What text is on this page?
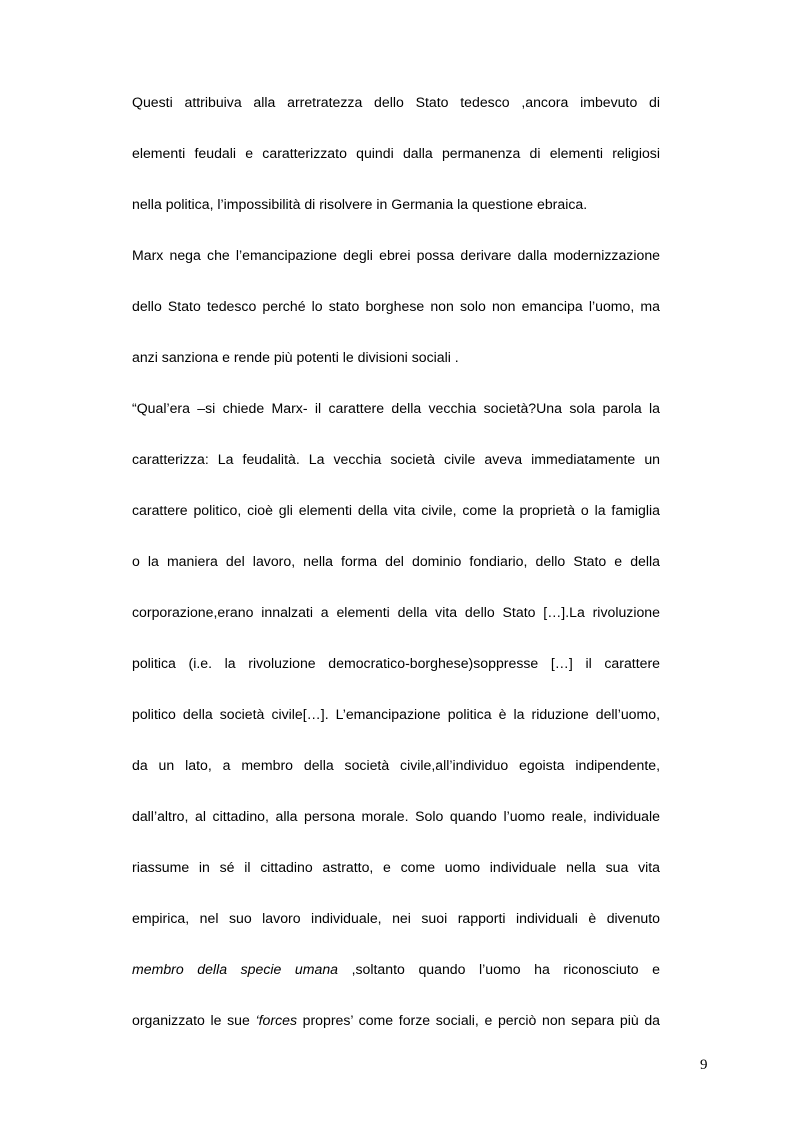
Questi attribuiva alla arretratezza dello Stato tedesco ,ancora imbevuto di
elementi feudali e caratterizzato quindi dalla permanenza di elementi religiosi
nella politica, l’impossibilità di risolvere in Germania la questione ebraica.
Marx nega che l’emancipazione degli ebrei possa derivare dalla modernizzazione
dello Stato tedesco perché lo stato borghese non solo non emancipa l’uomo, ma
anzi sanziona e rende più potenti le divisioni sociali .
“Qual’era –si chiede Marx- il carattere della vecchia società?Una sola parola la
caratterizza: La feudalità. La vecchia società civile aveva immediatamente un
carattere politico, cioè gli elementi della vita civile, come la proprietà o la famiglia
o la maniera del lavoro, nella forma del dominio fondiario, dello Stato e della
corporazione,erano innalzati a elementi della vita dello Stato […].La rivoluzione
politica (i.e. la rivoluzione democratico-borghese)soppresse […] il carattere
politico della società civile[…]. L’emancipazione politica è la riduzione dell’uomo,
da un lato, a membro della società civile,all’individuo egoista indipendente,
dall’altro, al cittadino, alla persona morale. Solo quando l’uomo reale, individuale
riassume in sé il cittadino astratto, e come uomo individuale nella sua vita
empirica, nel suo lavoro individuale, nei suoi rapporti individuali è divenuto
membro della specie umana ,soltanto quando l’uomo ha riconosciuto e
organizzato le sue ‘forces propres’ come forze sociali, e perciò non separa più da
9
